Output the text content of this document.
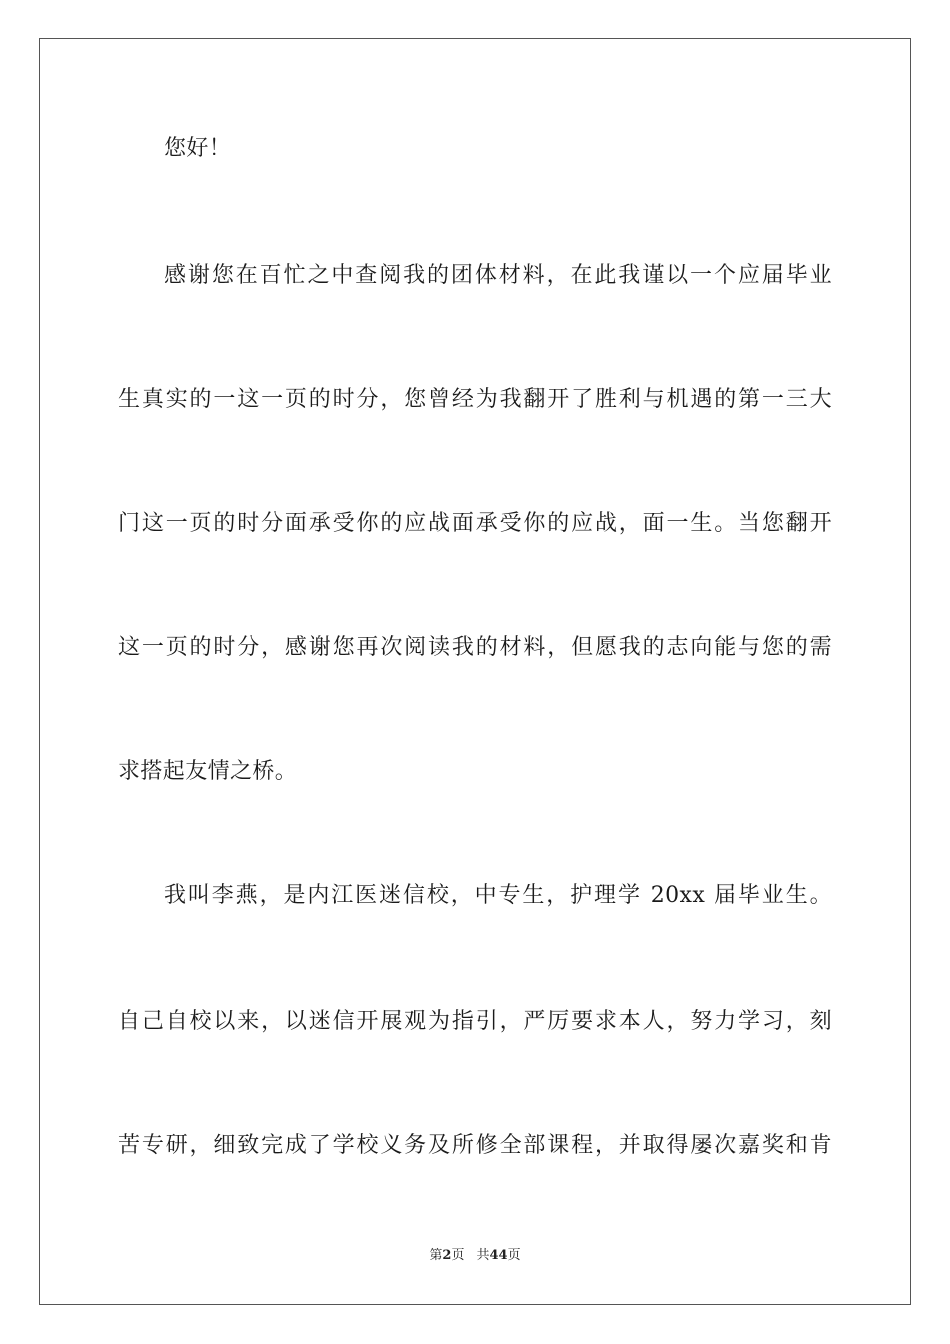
您好！
感谢您在百忙之中查阅我的团体材料，在此我谨以一个应届毕业
生真实的一这一页的时分，您曾经为我翻开了胜利与机遇的第一三大
门这一页的时分面承受你的应战面承受你的应战，面一生。当您翻开
这一页的时分，感谢您再次阅读我的材料，但愿我的志向能与您的需
求搭起友情之桥。
我叫李燕，是内江医迷信校，中专生，护理学 20xx 届毕业生。
自己自校以来，以迷信开展观为指引，严厉要求本人，努力学习，刻
苦专研，细致完成了学校义务及所修全部课程，并取得屡次嘉奖和肯
第2页 共44页
